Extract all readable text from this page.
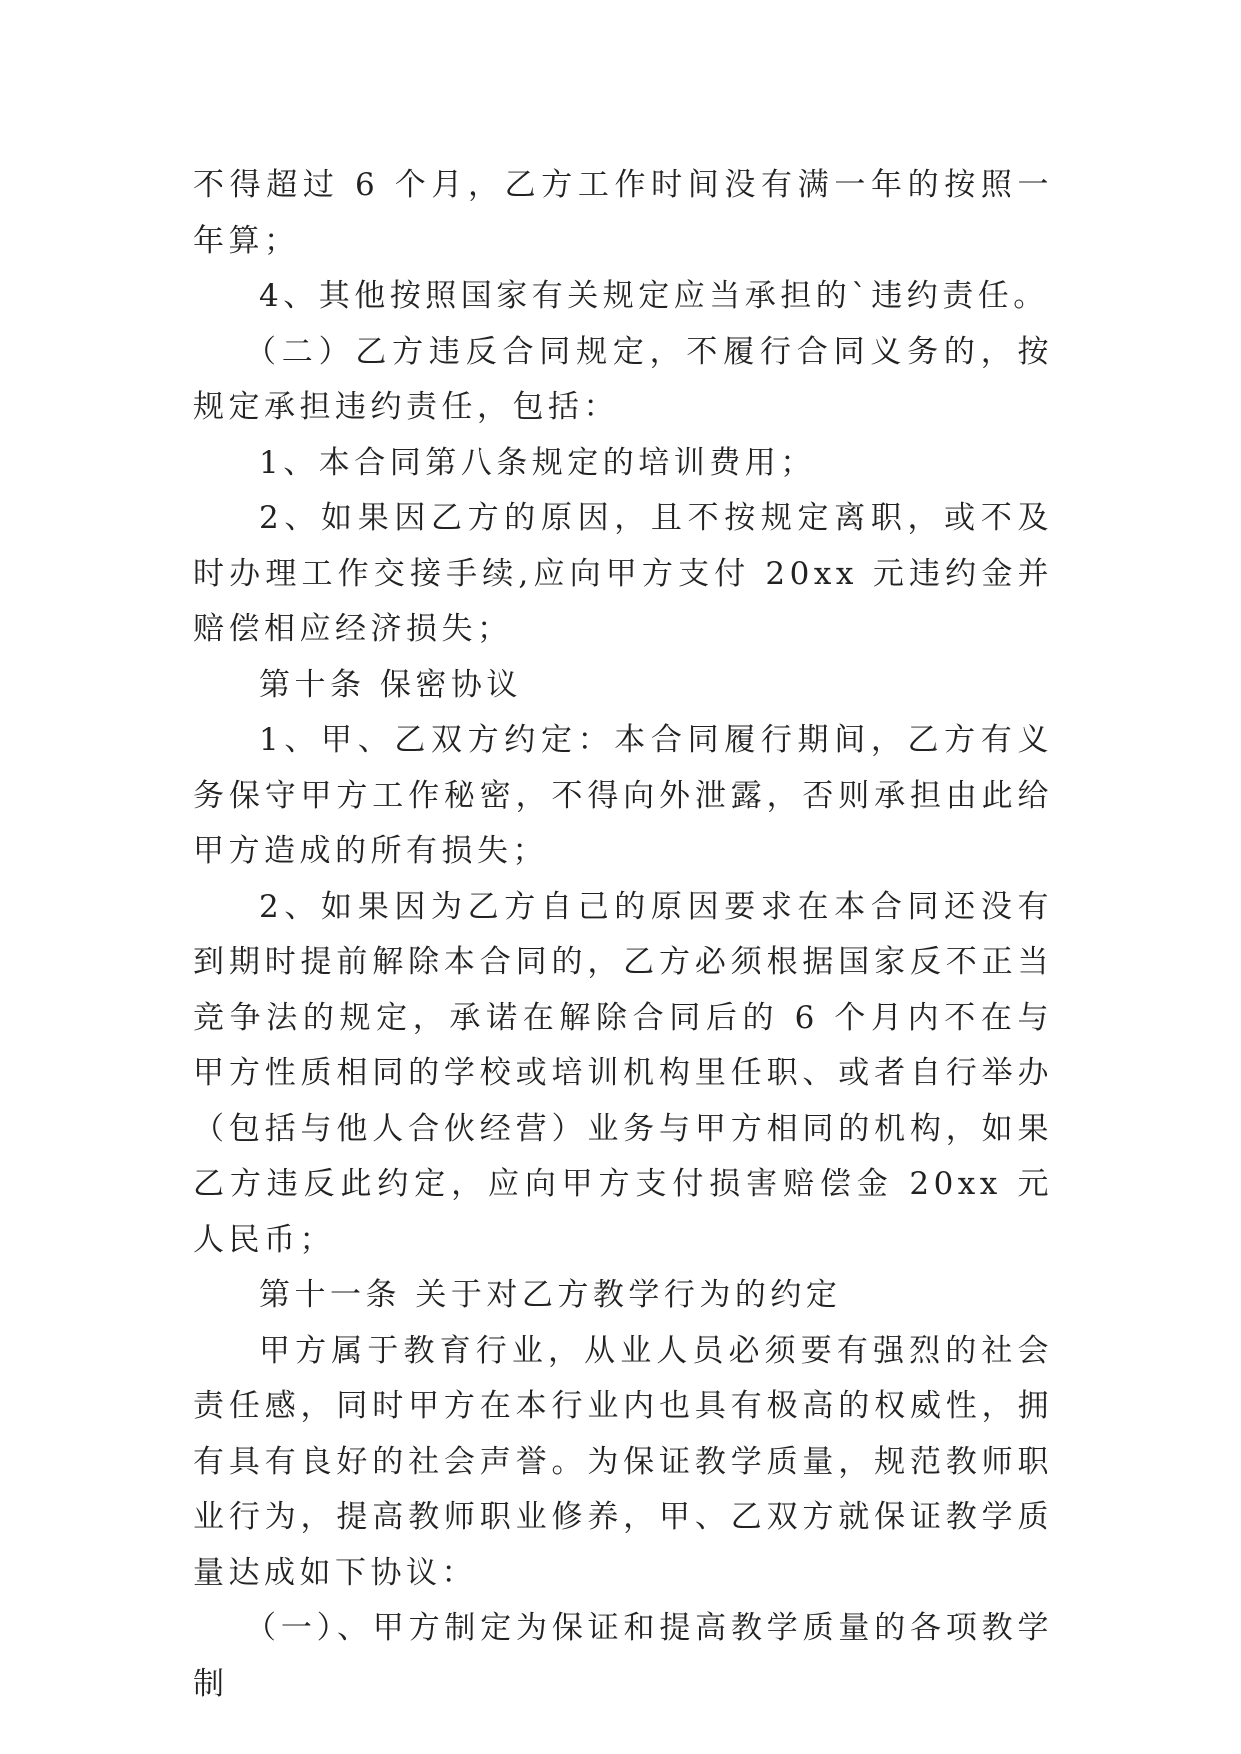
不得超过 6 个月，乙方工作时间没有满一年的按照一年算；

4、其他按照国家有关规定应当承担的`违约责任。

（二）乙方违反合同规定，不履行合同义务的，按规定承担违约责任，包括：

1、本合同第八条规定的培训费用；

2、如果因乙方的原因，且不按规定离职，或不及时办理工作交接手续,应向甲方支付 20xx 元违约金并赔偿相应经济损失；

第十条 保密协议

1、甲、乙双方约定：本合同履行期间，乙方有义务保守甲方工作秘密，不得向外泄露，否则承担由此给甲方造成的所有损失；

2、如果因为乙方自己的原因要求在本合同还没有到期时提前解除本合同的，乙方必须根据国家反不正当竞争法的规定，承诺在解除合同后的 6 个月内不在与甲方性质相同的学校或培训机构里任职、或者自行举办（包括与他人合伙经营）业务与甲方相同的机构，如果乙方违反此约定，应向甲方支付损害赔偿金 20xx 元人民币；

第十一条 关于对乙方教学行为的约定

甲方属于教育行业，从业人员必须要有强烈的社会责任感，同时甲方在本行业内也具有极高的权威性，拥有具有良好的社会声誉。为保证教学质量，规范教师职业行为，提高教师职业修养，甲、乙双方就保证教学质量达成如下协议：

（一）、甲方制定为保证和提高教学质量的各项教学制
